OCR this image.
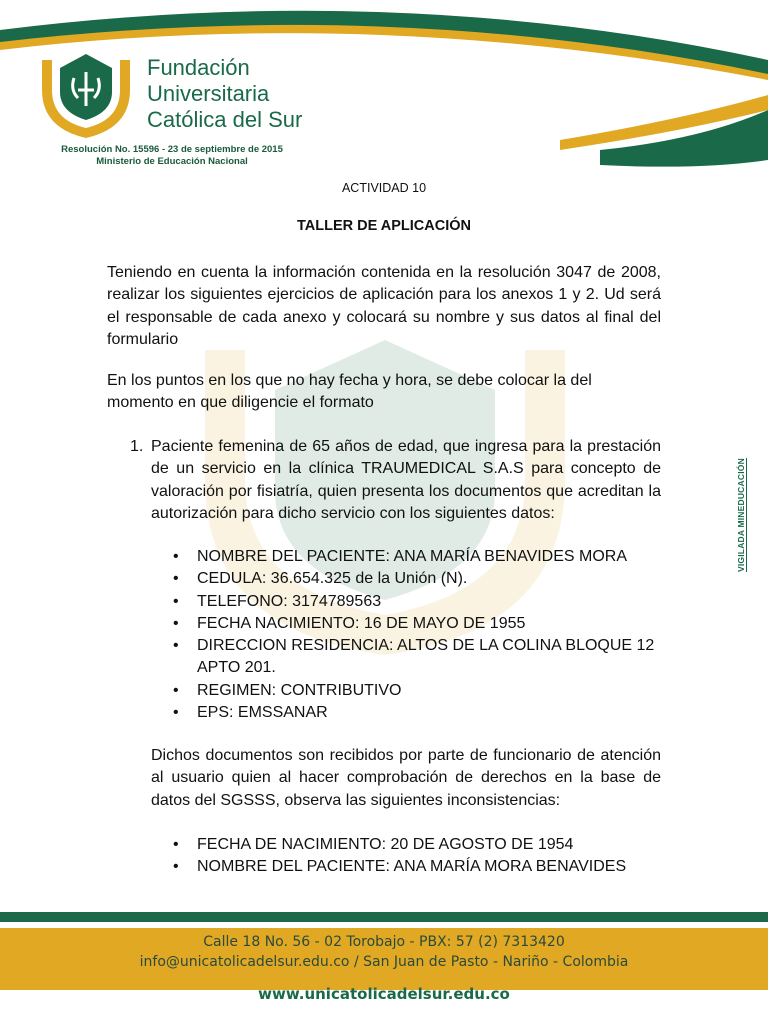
Fundación
Universitaria
Católica del Sur
Resolución No. 15596 - 23 de septiembre de 2015
Ministerio de Educación Nacional
VIGILADA MINEDUCACIÓN
ACTIVIDAD 10
TALLER DE APLICACIÓN
Teniendo en cuenta la información contenida en la resolución 3047 de 2008, realizar los siguientes ejercicios de aplicación para los anexos 1 y 2. Ud será el responsable de cada anexo y colocará su nombre y sus datos al final del formulario
En los puntos en los que no hay fecha y hora, se debe colocar la del momento en que diligencie el formato
1. Paciente femenina de 65 años de edad, que ingresa para la prestación de un servicio en la clínica TRAUMEDICAL S.A.S para concepto de valoración por fisiatría, quien presenta los documentos que acreditan la autorización para dicho servicio con los siguientes datos:
• NOMBRE DEL PACIENTE: ANA MARÍA BENAVIDES MORA
• CEDULA: 36.654.325 de la Unión (N).
• TELEFONO: 3174789563
• FECHA NACIMIENTO: 16 DE MAYO DE 1955
• DIRECCION RESIDENCIA: ALTOS DE LA COLINA BLOQUE 12 APTO 201.
• REGIMEN: CONTRIBUTIVO
• EPS: EMSSANAR
Dichos documentos son recibidos por parte de funcionario de atención al usuario quien al hacer comprobación de derechos en la base de datos del SGSSS, observa las siguientes inconsistencias:
• FECHA DE NACIMIENTO: 20 DE AGOSTO DE 1954
• NOMBRE DEL PACIENTE: ANA MARÍA MORA BENAVIDES
Calle 18 No. 56 - 02 Torobajo - PBX: 57 (2) 7313420
info@unicatolicadelsur.edu.co / San Juan de Pasto - Nariño - Colombia
www.unicatolicadelsur.edu.co
